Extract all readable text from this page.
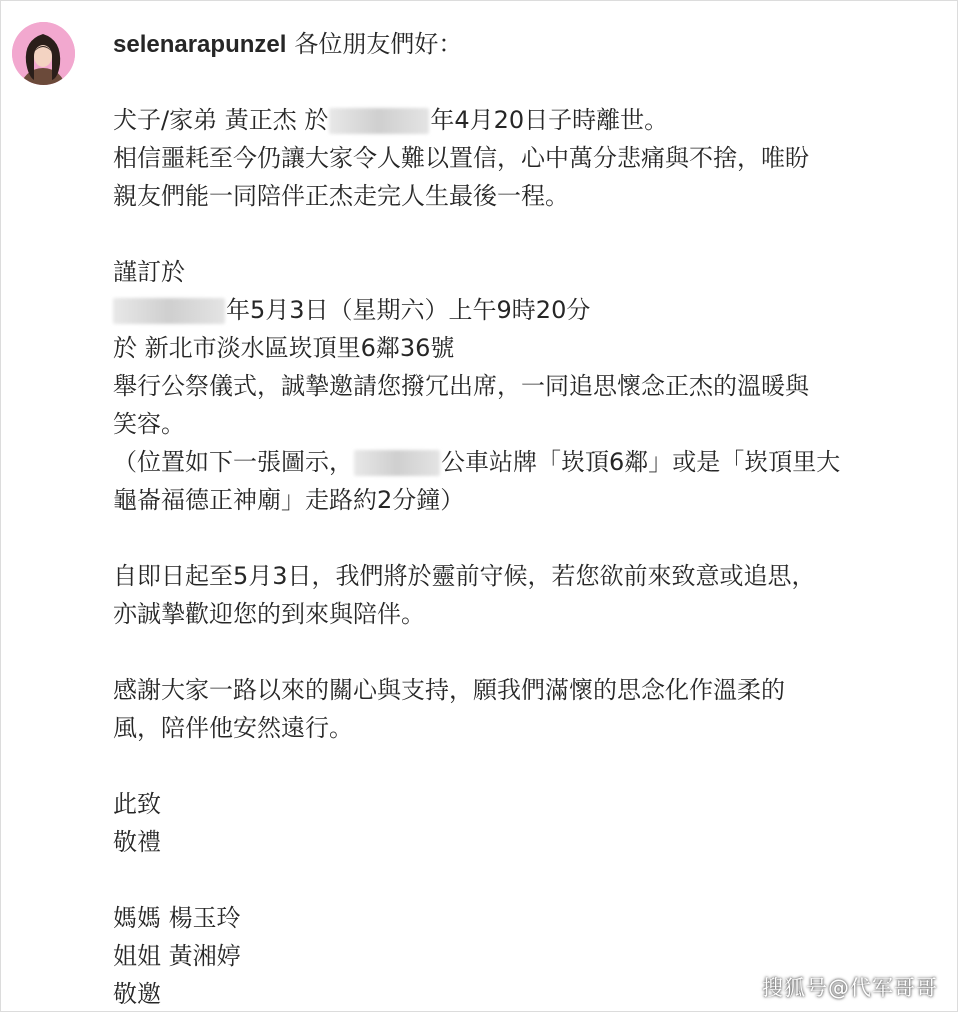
selenarapunzel 各位朋友們好：
犬子/家弟 黃正杰 於	年4月20日子時離世。
相信噩耗至今仍讓大家令人難以置信，心中萬分悲痛與不捨，唯盼
親友們能一同陪伴正杰走完人生最後一程。
謹訂於
年5月3日（星期六）上午9時20分
於 新北市淡水區崁頂里6鄰36號
舉行公祭儀式，誠摯邀請您撥冗出席，一同追思懷念正杰的溫暖與
笑容。
（位置如下一張圖示，	公車站牌「崁頂6鄰」或是「崁頂里大
龜崙福德正神廟」走路約2分鐘）
自即日起至5月3日，我們將於靈前守候，若您欲前來致意或追思，
亦誠摯歡迎您的到來與陪伴。
感謝大家一路以來的關心與支持，願我們滿懷的思念化作溫柔的
風，陪伴他安然遠行。
此致
敬禮
媽媽 楊玉玲
姐姐 黃湘婷
敬邀	搜狐号@代军哥哥
